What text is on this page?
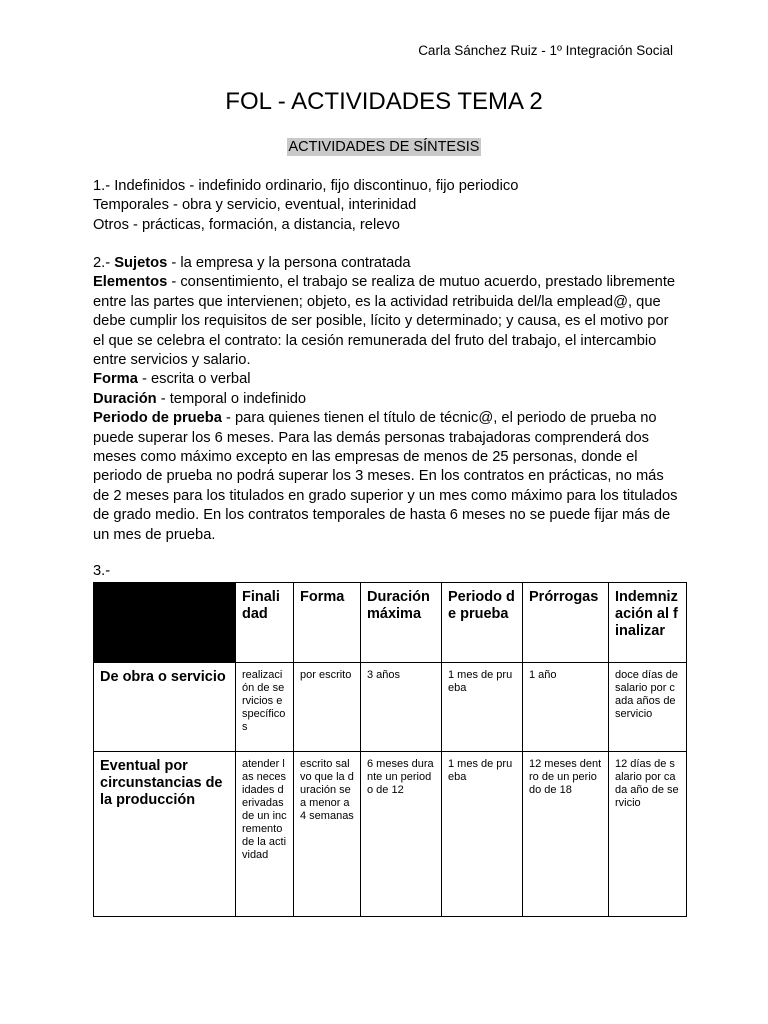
Carla Sánchez Ruiz - 1º Integración Social
FOL - ACTIVIDADES TEMA 2
ACTIVIDADES DE SÍNTESIS

1.- Indefinidos - indefinido ordinario, fijo discontinuo, fijo periodico

Temporales - obra y servicio, eventual, interinidad

Otros - prácticas, formación, a distancia, relevo

2.- Sujetos - la empresa y la persona contratada

Elementos - consentimiento, el trabajo se realiza de mutuo acuerdo, prestado libremente entre las partes que intervienen; objeto, es la actividad retribuida del/la emplead@, que debe cumplir los requisitos de ser posible, lícito y determinado; y causa, es el motivo por el que se celebra el contrato: la cesión remunerada del fruto del trabajo, el intercambio entre servicios y salario.

Forma - escrita o verbal

Duración - temporal o indefinido

Periodo de prueba - para quienes tienen el título de técnic@, el periodo de prueba no puede superar los 6 meses. Para las demás personas trabajadoras comprenderá dos meses como máximo excepto en las empresas de menos de 25 personas, donde el periodo de prueba no podrá superar los 3 meses. En los contratos en prácticas, no más de 2 meses para los titulados en grado superior y un mes como máximo para los titulados de grado medio. En los contratos temporales de hasta 6 meses no se puede fijar más de un mes de prueba.

3.-
	Finalidad	Forma	Duración máxima	Periodo de prueba	Prórrogas	Indemnización al finalizar
De obra o servicio	realización de servicios específicos	por escrito	3 años	1 mes de prueba	1 año	doce días de salario por cada años de servicio
Eventual por circunstancias de la producción	atender las necesidades derivadas de un incremento de la actividad	escrito salvo que la duración sea menor a 4 semanas	6 meses durante un periodo de 12	1 mes de prueba	12 meses dentro de un periodo de 18	12 días de salario por cada año de servicio
